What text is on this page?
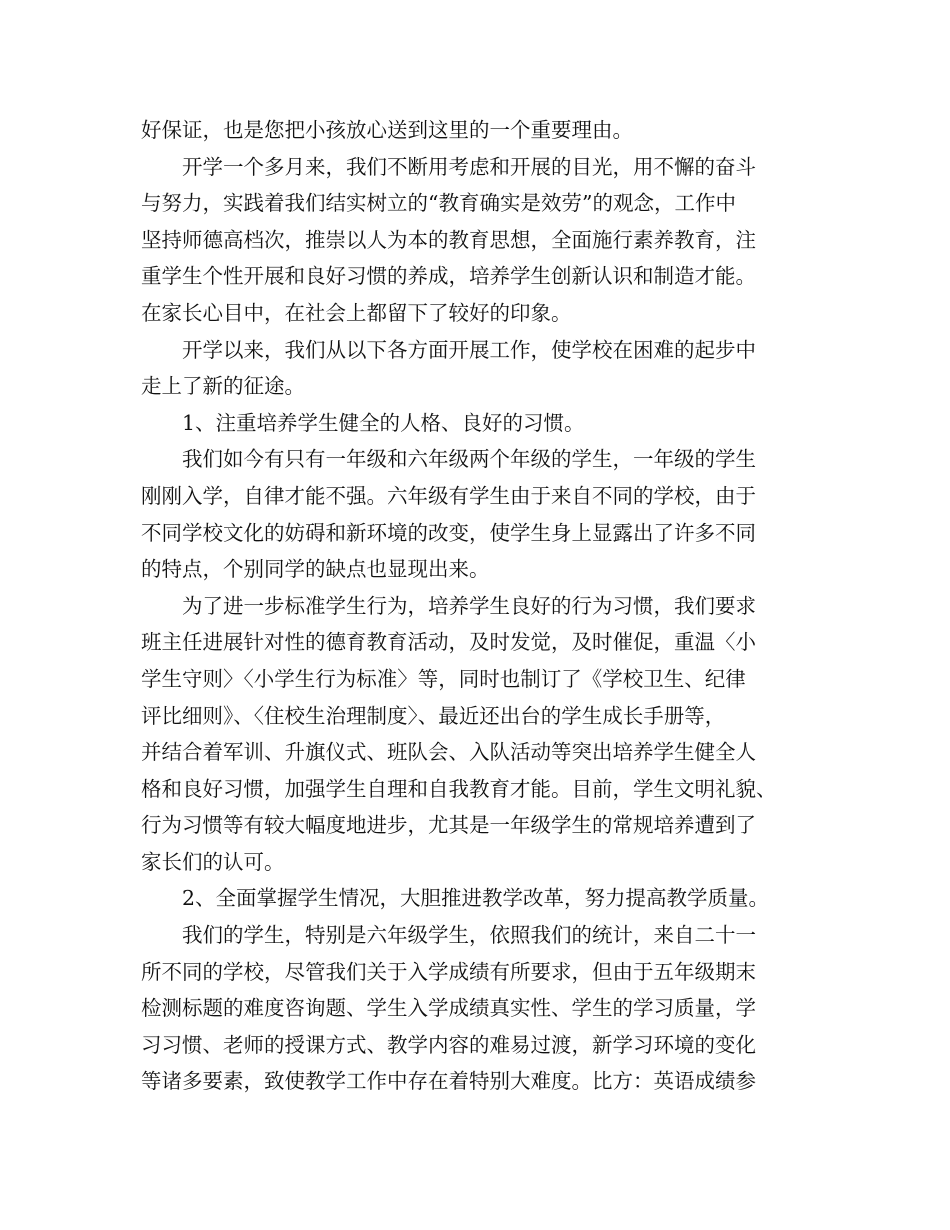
好保证，也是您把小孩放心送到这里的一个重要理由。
　　开学一个多月来，我们不断用考虑和开展的目光，用不懈的奋斗
与努力，实践着我们结实树立的“教育确实是效劳”的观念，工作中
坚持师德高档次，推崇以人为本的教育思想，全面施行素养教育，注
重学生个性开展和良好习惯的养成，培养学生创新认识和制造才能。
在家长心目中，在社会上都留下了较好的印象。
　　开学以来，我们从以下各方面开展工作，使学校在困难的起步中
走上了新的征途。
　　1、注重培养学生健全的人格、良好的习惯。
　　我们如今有只有一年级和六年级两个年级的学生，一年级的学生
刚刚入学，自律才能不强。六年级有学生由于来自不同的学校，由于
不同学校文化的妨碍和新环境的改变，使学生身上显露出了许多不同
的特点，个别同学的缺点也显现出来。
　　为了进一步标准学生行为，培养学生良好的行为习惯，我们要求
班主任进展针对性的德育教育活动，及时发觉，及时催促，重温〈小
学生守则〉〈小学生行为标准〉等，同时也制订了《学校卫生、纪律
评比细则》、〈住校生治理制度〉、最近还出台的学生成长手册等，
并结合着军训、升旗仪式、班队会、入队活动等突出培养学生健全人
格和良好习惯，加强学生自理和自我教育才能。目前，学生文明礼貌、
行为习惯等有较大幅度地进步，尤其是一年级学生的常规培养遭到了
家长们的认可。
　　2、全面掌握学生情况，大胆推进教学改革，努力提高教学质量。
　　我们的学生，特别是六年级学生，依照我们的统计，来自二十一
所不同的学校，尽管我们关于入学成绩有所要求，但由于五年级期末
检测标题的难度咨询题、学生入学成绩真实性、学生的学习质量，学
习习惯、老师的授课方式、教学内容的难易过渡，新学习环境的变化
等诸多要素，致使教学工作中存在着特别大难度。比方：英语成绩参
